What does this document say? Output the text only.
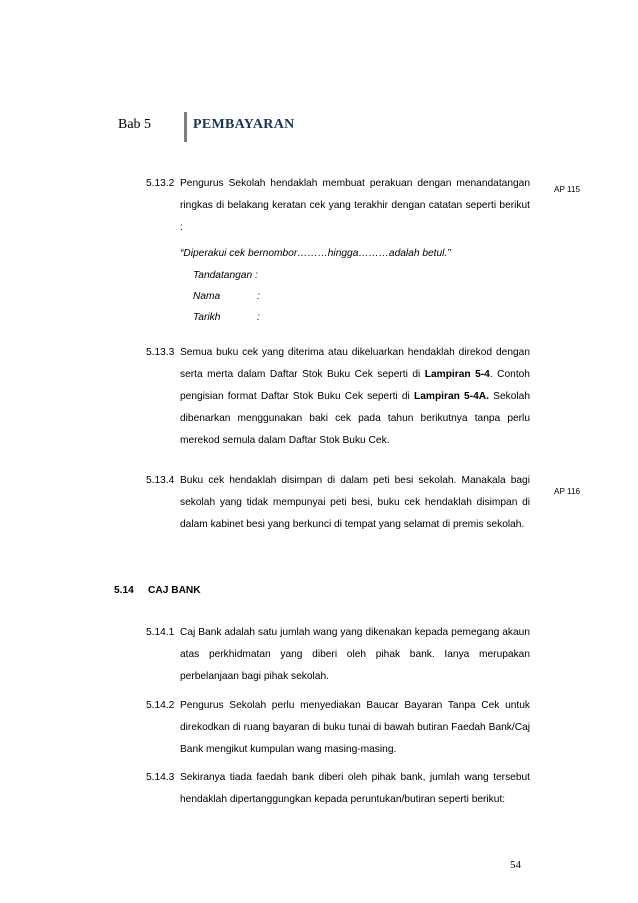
Bab 5	PEMBAYARAN
5.13.2 Pengurus Sekolah hendaklah membuat perakuan dengan menandatangan ringkas di belakang keratan cek yang terakhir dengan catatan seperti berikut :
AP 115
“Diperakui cek bernombor………hingga………adalah betul.”
Tandatangan :
Nama	:
Tarikh	:
5.13.3 Semua buku cek yang diterima atau dikeluarkan hendaklah direkod dengan serta merta dalam Daftar Stok Buku Cek seperti di Lampiran 5-4. Contoh pengisian format Daftar Stok Buku Cek seperti di Lampiran 5-4A. Sekolah dibenarkan menggunakan baki cek pada tahun berikutnya tanpa perlu merekod semula dalam Daftar Stok Buku Cek.
5.13.4 Buku cek hendaklah disimpan di dalam peti besi sekolah. Manakala bagi sekolah yang tidak mempunyai peti besi, buku cek hendaklah disimpan di dalam kabinet besi yang berkunci di tempat yang selamat di premis sekolah.
AP 116
5.14 CAJ BANK
5.14.1 Caj Bank adalah satu jumlah wang yang dikenakan kepada pemegang akaun atas perkhidmatan yang diberi oleh pihak bank. Ianya merupakan perbelanjaan bagi pihak sekolah.
5.14.2 Pengurus Sekolah perlu menyediakan Baucar Bayaran Tanpa Cek untuk direkodkan di ruang bayaran di buku tunai di bawah butiran Faedah Bank/Caj Bank mengikut kumpulan wang masing-masing.
5.14.3 Sekiranya tiada faedah bank diberi oleh pihak bank, jumlah wang tersebut hendaklah dipertanggungkan kepada peruntukan/butiran seperti berikut:
54
